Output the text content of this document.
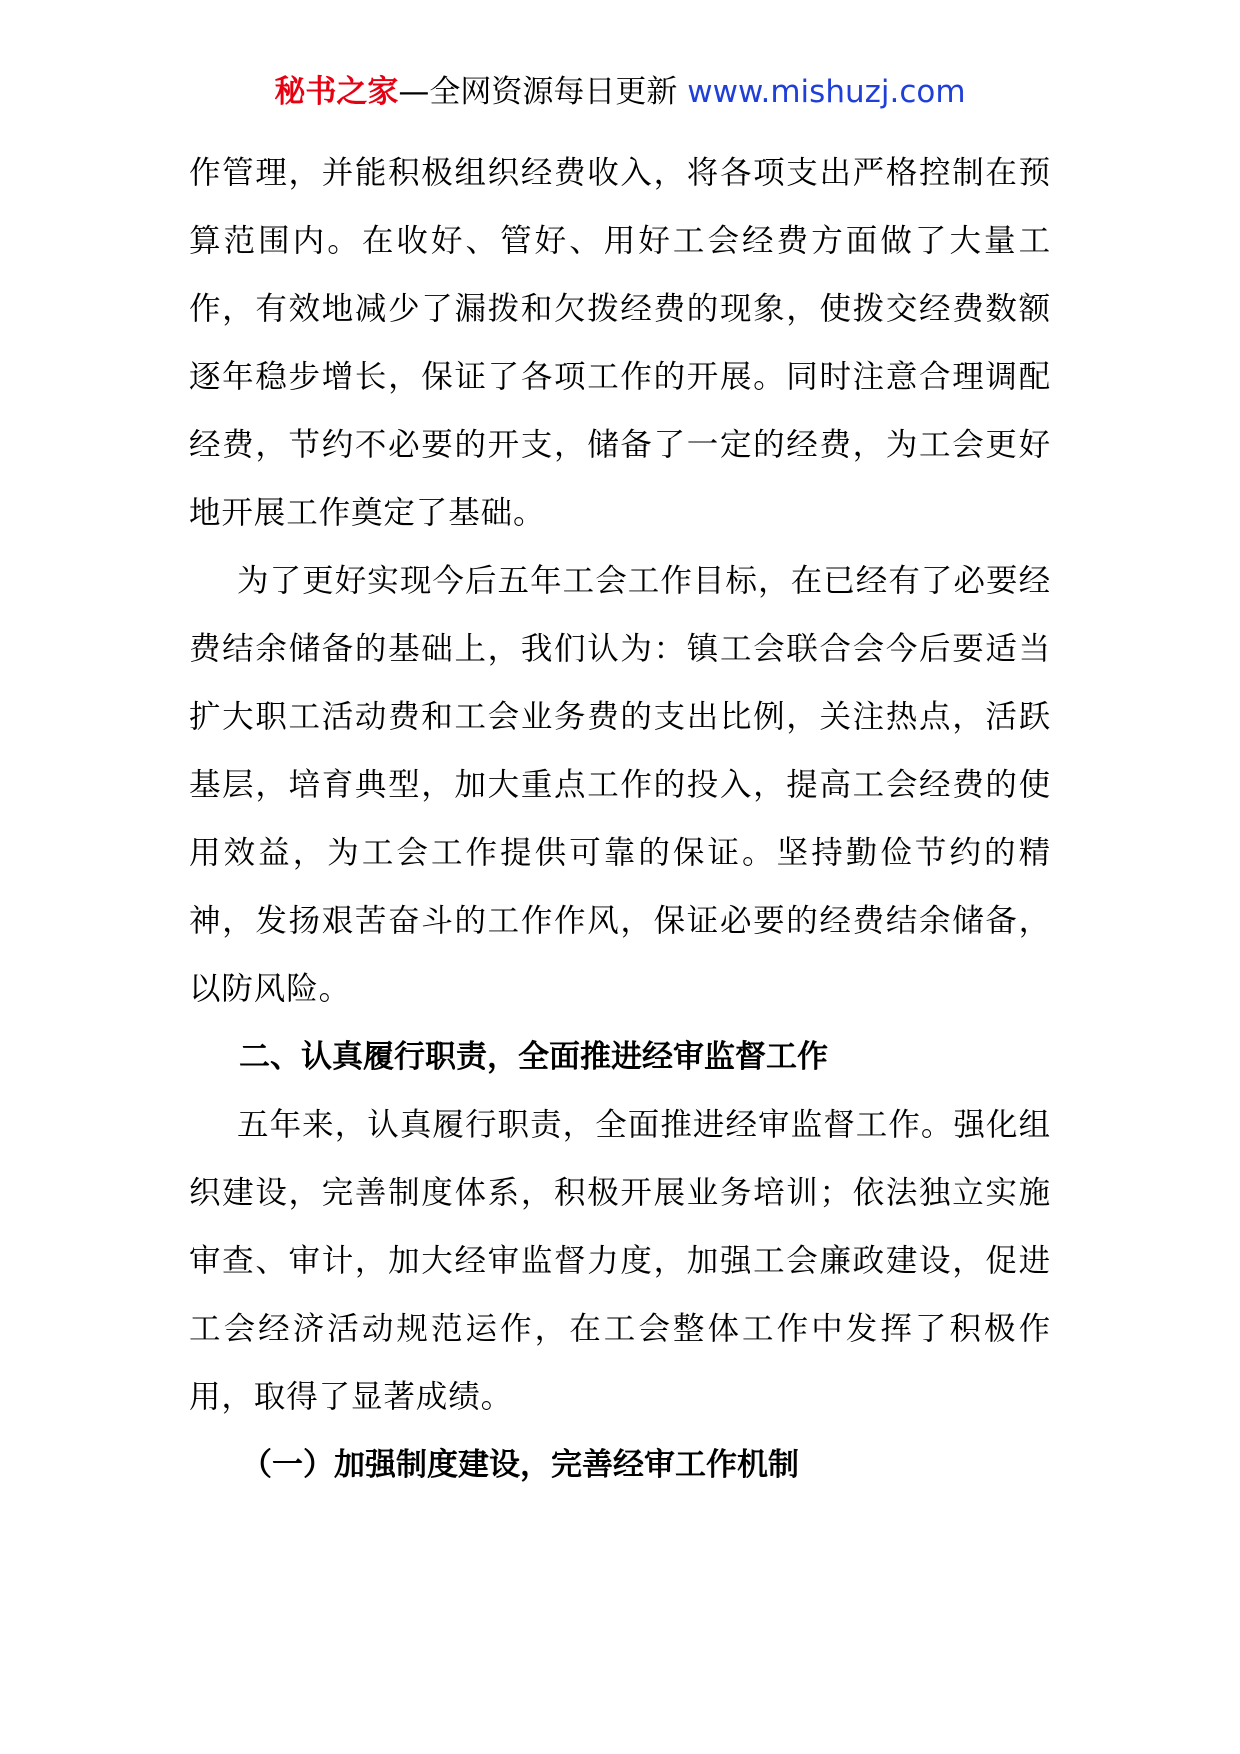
秘书之家—全网资源每日更新 www.mishuzj.com

作管理，并能积极组织经费收入，将各项支出严格控制在预算范围内。在收好、管好、用好工会经费方面做了大量工作，有效地减少了漏拨和欠拨经费的现象，使拨交经费数额逐年稳步增长，保证了各项工作的开展。同时注意合理调配经费，节约不必要的开支，储备了一定的经费，为工会更好地开展工作奠定了基础。

为了更好实现今后五年工会工作目标，在已经有了必要经费结余储备的基础上，我们认为：镇工会联合会今后要适当扩大职工活动费和工会业务费的支出比例，关注热点，活跃基层，培育典型，加大重点工作的投入，提高工会经费的使用效益，为工会工作提供可靠的保证。坚持勤俭节约的精神，发扬艰苦奋斗的工作作风，保证必要的经费结余储备，以防风险。

二、认真履行职责，全面推进经审监督工作

五年来，认真履行职责，全面推进经审监督工作。强化组织建设，完善制度体系，积极开展业务培训；依法独立实施审查、审计，加大经审监督力度，加强工会廉政建设，促进工会经济活动规范运作，在工会整体工作中发挥了积极作用，取得了显著成绩。

（一）加强制度建设，完善经审工作机制
